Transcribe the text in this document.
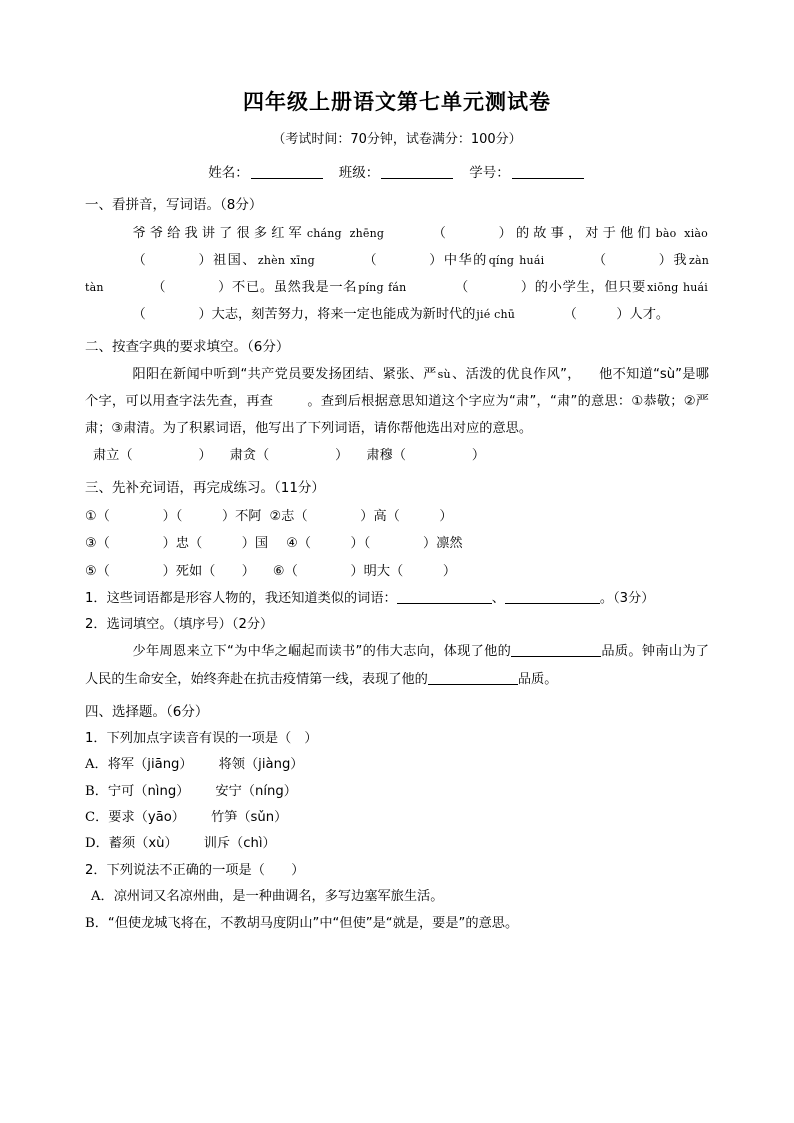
四年级上册语文第七单元测试卷
（考试时间：70分钟，试卷满分：100分）
姓名：	班级：	学号：
一、看拼音，写词语。（8分）
爷爷给我讲了很多红军cháng zhēng	（　　　　）的故事，对于他们bào xiào（　　　　）祖国、zhèn xīng	（　　　　）中华的qíng huái	（　　　　）我zàn tàn	（　　　　）不已。虽然我是一名píng fán	（　　　　）的小学生，但只要xiōng huái（　　　　）大志，刻苦努力，将来一定也能成为新时代的jié chū	（　　　）人才。
二、按查字典的要求填空。（6分）
阳阳在新闻中听到“共产党员要发扬团结、紧张、严sù、活泼的优良作风”， 他不知道“sù”是哪个字，可以用查字法先查，再查	。查到后根据意思知道这个字应为“肃”，“肃”的意思：①恭敬；②严肃；③肃清。为了积累词语，他写出了下列词语，请你帮他选出对应的意思。
肃立（　　　　　） 肃贪（　　　　　） 肃穆（　　　　　）
三、先补充词语，再完成练习。（11分）
①（　　　　	）（　　　	）不阿 ②志（　　　　	）高（　　　	）
③（　　　　	）忠（　　　	）国 ④（　　　	）（　　　　	）凛然
⑤（　　　　	）死如（　　 ） ⑥（　　　　	）明大（　　　	）
1．这些词语都是形容人物的，我还知道类似的词语：	、	。（3分）
2．选词填空。（填序号）（2分）
少年周恩来立下“为中华之崛起而读书”的伟大志向，体现了他的	品质。钟南山为了人民的生命安全，始终奔赴在抗击疫情第一线，表现了他的	品质。
四、选择题。（6分）
1．下列加点字读音有误的一项是（　）
A．将军（jiāng） 将领（jiàng）
B．宁可（nìng） 安宁（níng）
C．要求（yāo） 竹笋（sǔn）
D．蓄须（xù） 训斥（chì）
2．下列说法不正确的一项是（　　）
A．凉州词又名凉州曲，是一种曲调名，多写边塞军旅生活。
B．“但使龙城飞将在，不教胡马度阴山”中“但使”是“就是，要是”的意思。
